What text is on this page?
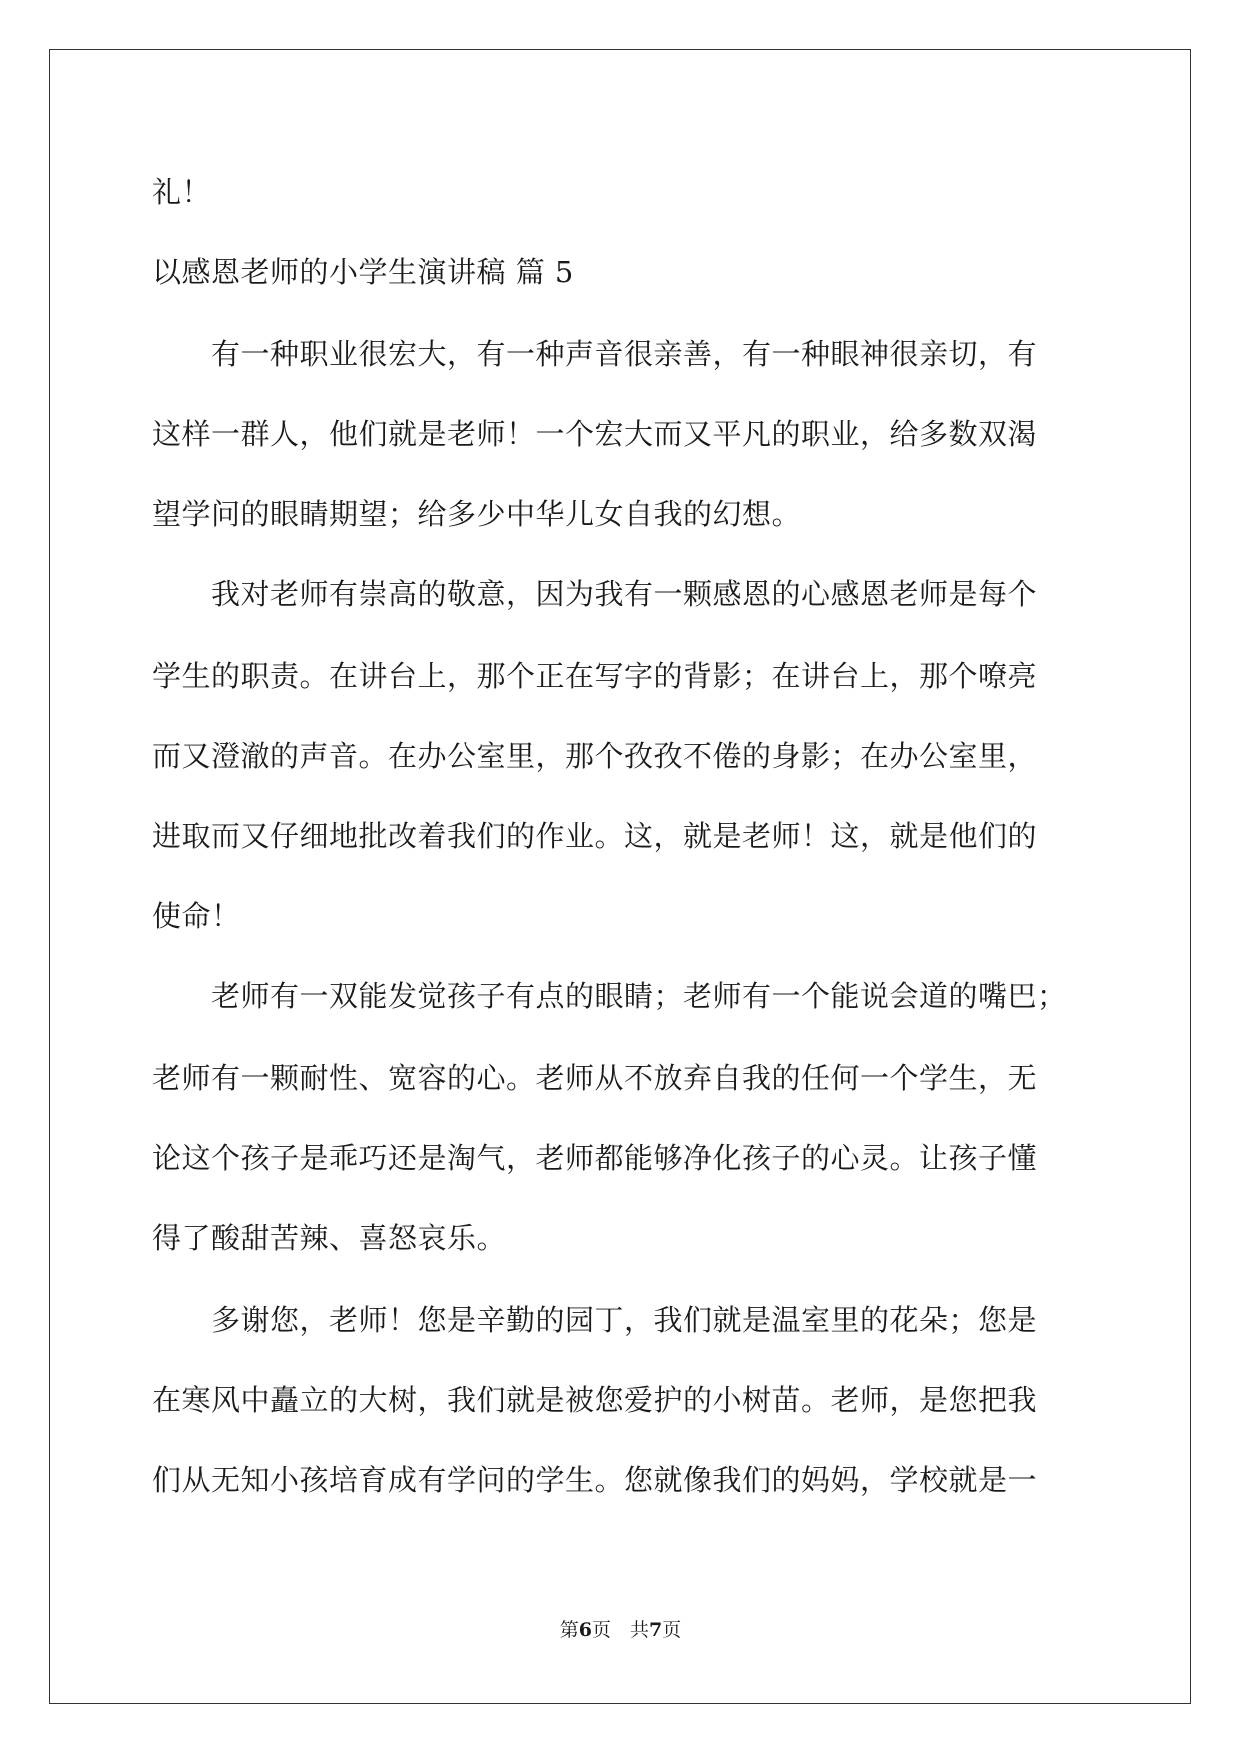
礼！
以感恩老师的小学生演讲稿 篇 5
　　有一种职业很宏大，有一种声音很亲善，有一种眼神很亲切，有
这样一群人，他们就是老师！一个宏大而又平凡的职业，给多数双渴
望学问的眼睛期望；给多少中华儿女自我的幻想。
　　我对老师有崇高的敬意，因为我有一颗感恩的心感恩老师是每个
学生的职责。在讲台上，那个正在写字的背影；在讲台上，那个嘹亮
而又澄澈的声音。在办公室里，那个孜孜不倦的身影；在办公室里，
进取而又仔细地批改着我们的作业。这，就是老师！这，就是他们的
使命！
　　老师有一双能发觉孩子有点的眼睛；老师有一个能说会道的嘴巴；
老师有一颗耐性、宽容的心。老师从不放弃自我的任何一个学生，无
论这个孩子是乖巧还是淘气，老师都能够净化孩子的心灵。让孩子懂
得了酸甜苦辣、喜怒哀乐。
　　多谢您，老师！您是辛勤的园丁，我们就是温室里的花朵；您是
在寒风中矗立的大树，我们就是被您爱护的小树苗。老师，是您把我
们从无知小孩培育成有学问的学生。您就像我们的妈妈，学校就是一
第6页　共7页
